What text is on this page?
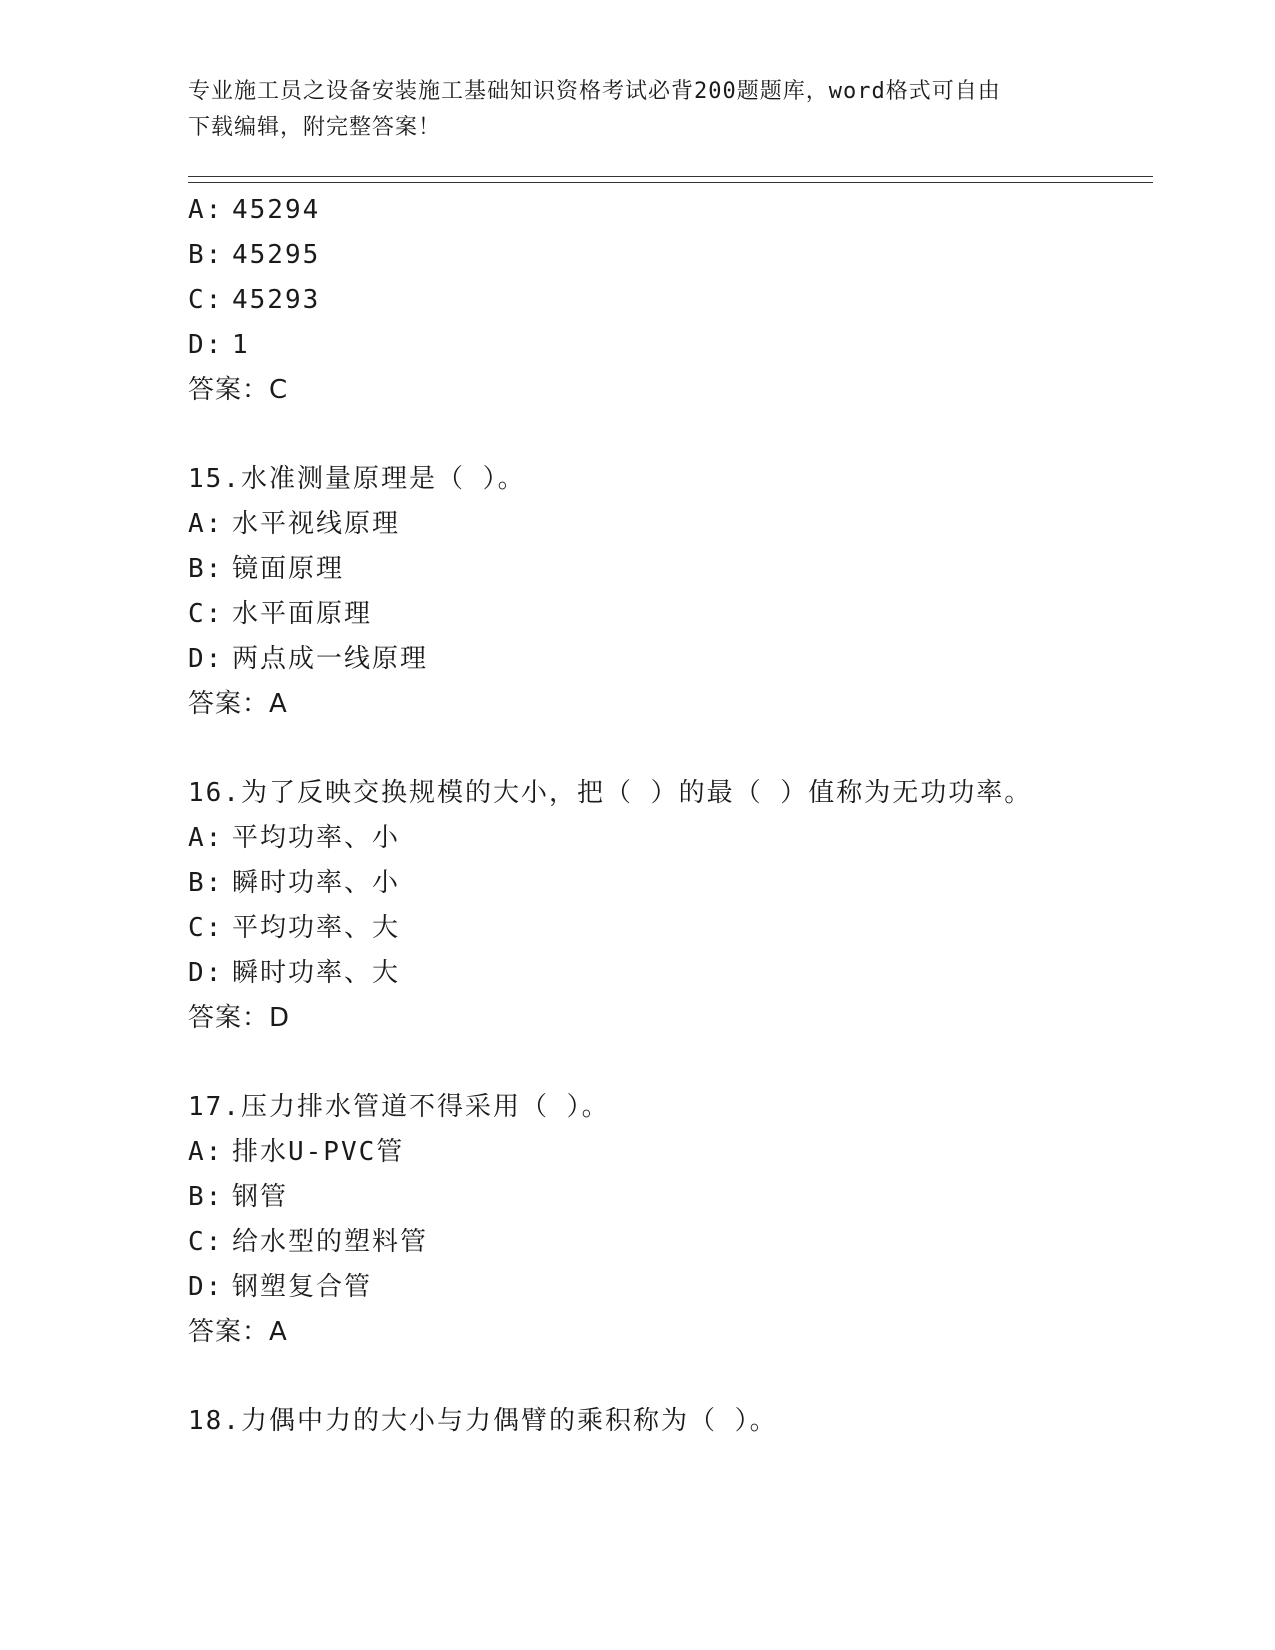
专业施工员之设备安装施工基础知识资格考试必背200题题库，word格式可自由
下载编辑，附完整答案！
A: 45294
B: 45295
C: 45293
D: 1
答案：C
15.水准测量原理是（ ）。
A: 水平视线原理
B: 镜面原理
C: 水平面原理
D: 两点成一线原理
答案：A
16.为了反映交换规模的大小，把（ ）的最（ ）值称为无功功率。
A: 平均功率、小
B: 瞬时功率、小
C: 平均功率、大
D: 瞬时功率、大
答案：D
17.压力排水管道不得采用（ ）。
A: 排水U-PVC管
B: 钢管
C: 给水型的塑料管
D: 钢塑复合管
答案：A
18.力偶中力的大小与力偶臂的乘积称为（ ）。
